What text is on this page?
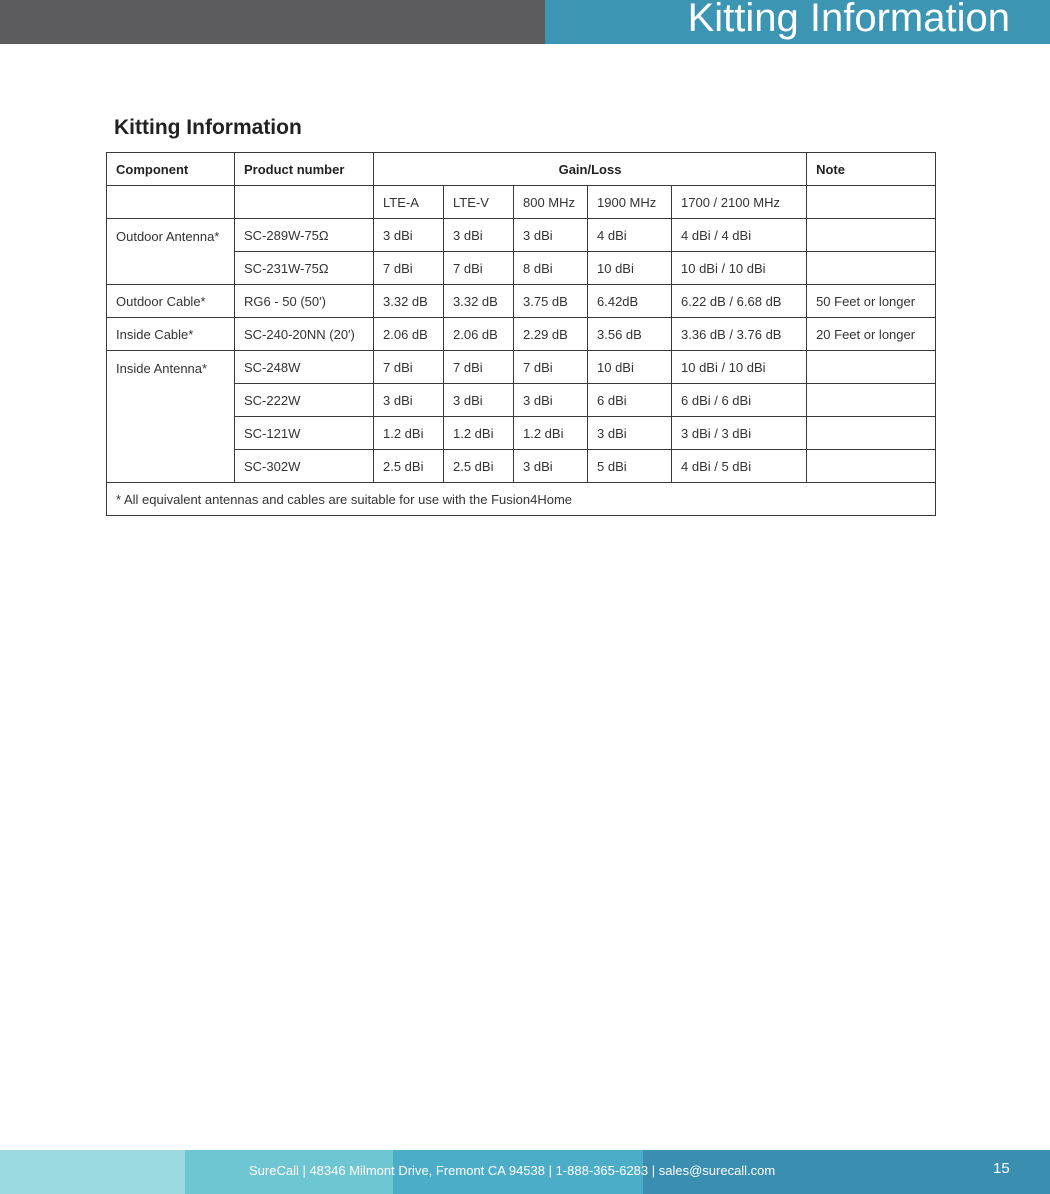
Kitting Information
Kitting Information
Component	Product number	Gain/Loss					Note
		LTE-A	LTE-V	800 MHz	1900 MHz	1700 / 2100 MHz	
Outdoor Antenna*	SC-289W-75Ω	3 dBi	3 dBi	3 dBi	4 dBi	4 dBi / 4 dBi	
	SC-231W-75Ω	7 dBi	7 dBi	8 dBi	10 dBi	10 dBi / 10 dBi	
Outdoor Cable*	RG6 - 50 (50')	3.32 dB	3.32 dB	3.75 dB	6.42dB	6.22 dB / 6.68 dB	50 Feet or longer
Inside Cable*	SC-240-20NN (20')	2.06 dB	2.06 dB	2.29 dB	3.56 dB	3.36 dB / 3.76 dB	20 Feet or longer
Inside Antenna*	SC-248W	7 dBi	7 dBi	7 dBi	10 dBi	10 dBi / 10 dBi	
	SC-222W	3 dBi	3 dBi	3 dBi	6 dBi	6 dBi / 6 dBi	
	SC-121W	1.2 dBi	1.2 dBi	1.2 dBi	3 dBi	3 dBi / 3 dBi	
	SC-302W	2.5 dBi	2.5 dBi	3 dBi	5 dBi	4 dBi / 5 dBi	
* All equivalent antennas and cables are suitable for use with the Fusion4Home							
SureCall | 48346 Milmont Drive, Fremont CA 94538 | 1-888-365-6283 | sales@surecall.com	15
